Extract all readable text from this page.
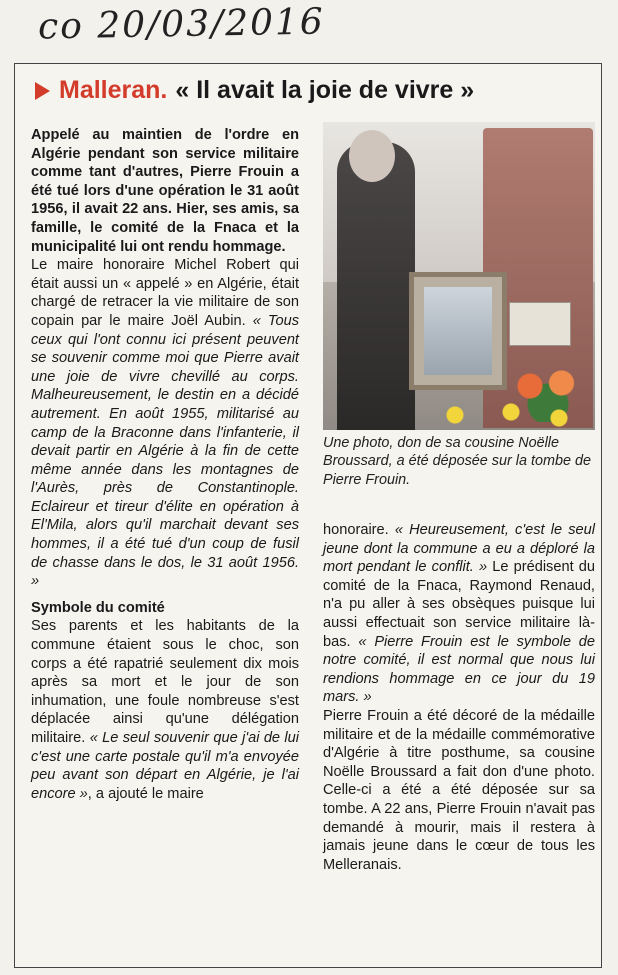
co 20/03/2016
Malleran. « Il avait la joie de vivre »

Appelé au maintien de l'ordre en Algérie pendant son service militaire comme tant d'autres, Pierre Frouin a été tué lors d'une opération le 31 août 1956, il avait 22 ans. Hier, ses amis, sa famille, le comité de la Fnaca et la municipalité lui ont rendu hommage.

Le maire honoraire Michel Robert qui était aussi un « appelé » en Algérie, était chargé de retracer la vie militaire de son copain par le maire Joël Aubin. « Tous ceux qui l'ont connu ici présent peuvent se souvenir comme moi que Pierre avait une joie de vivre chevillé au corps. Malheureusement, le destin en a décidé autrement. En août 1955, militarisé au camp de la Braconne dans l'infanterie, il devait partir en Algérie à la fin de cette même année dans les montagnes de l'Aurès, près de Constantinople. Eclaireur et tireur d'élite en opération à El'Mila, alors qu'il marchait devant ses hommes, il a été tué d'un coup de fusil de chasse dans le dos, le 31 août 1956. »

Symbole du comité

Ses parents et les habitants de la commune étaient sous le choc, son corps a été rapatrié seulement dix mois après sa mort et le jour de son inhumation, une foule nombreuse s'est déplacée ainsi qu'une délégation militaire. « Le seul souvenir que j'ai de lui c'est une carte postale qu'il m'a envoyée peu avant son départ en Algérie, je l'ai encore », a ajouté le maire

Une photo, don de sa cousine Noëlle Broussard, a été déposée sur la tombe de Pierre Frouin.

honoraire. « Heureusement, c'est le seul jeune dont la commune a eu a déploré la mort pendant le conflit. » Le prédisent du comité de la Fnaca, Raymond Renaud, n'a pu aller à ses obsèques puisque lui aussi effectuait son service militaire là-bas. « Pierre Frouin est le symbole de notre comité, il est normal que nous lui rendions hommage en ce jour du 19 mars. »

Pierre Frouin a été décoré de la médaille militaire et de la médaille commémorative d'Algérie à titre posthume, sa cousine Noëlle Broussard a fait don d'une photo. Celle-ci a été a été déposée sur sa tombe. A 22 ans, Pierre Frouin n'avait pas demandé à mourir, mais il restera à jamais jeune dans le cœur de tous les Melleranais.
